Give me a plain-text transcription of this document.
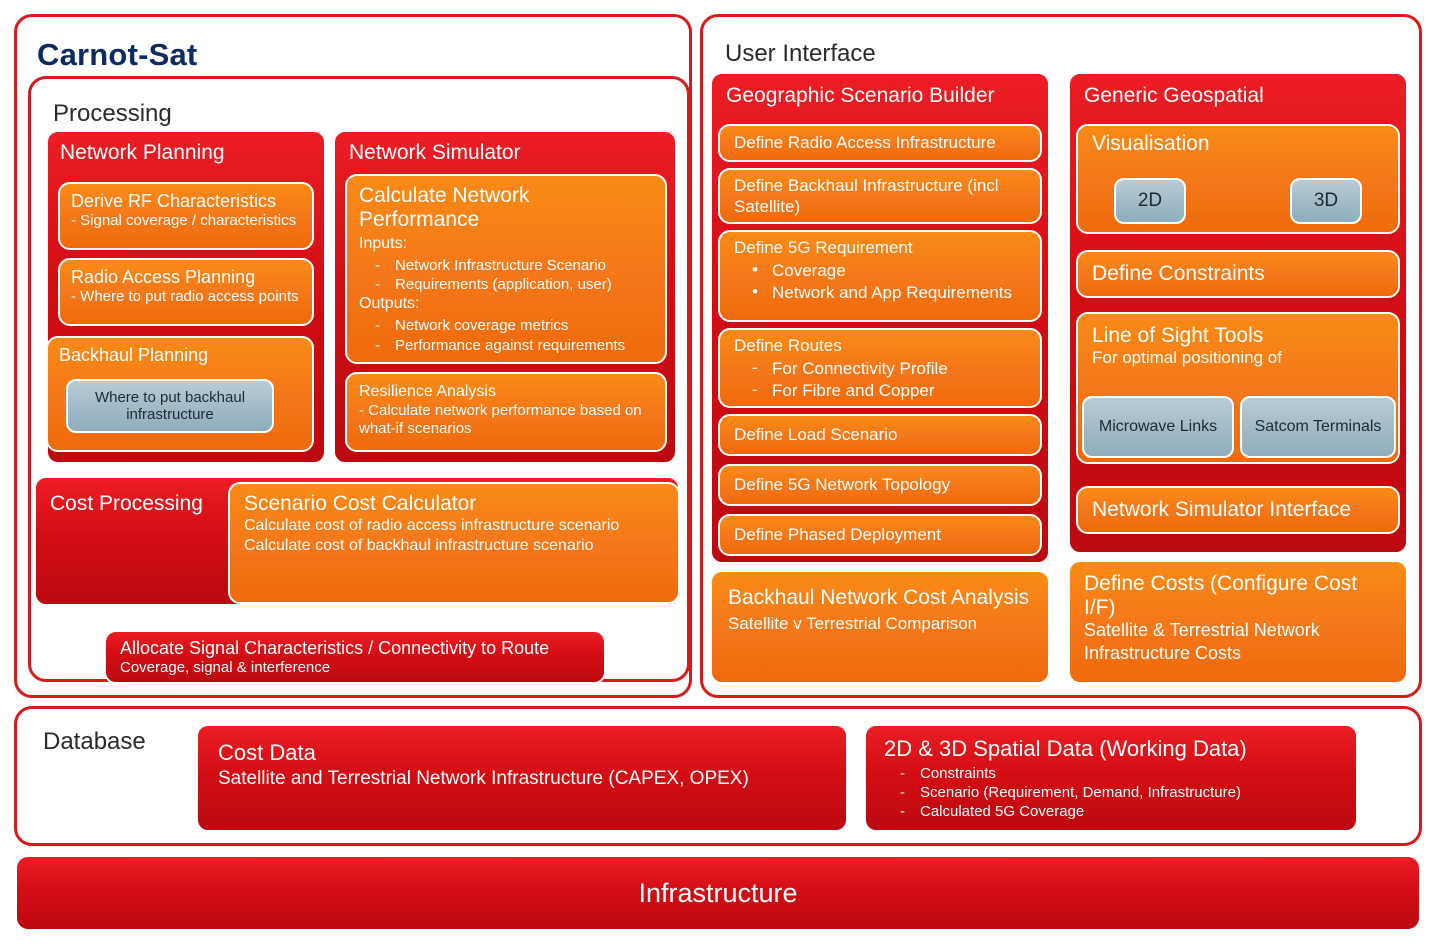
Carnot-Sat
Processing
Network Planning
Derive RF Characteristics
- Signal coverage / characteristics
Radio Access Planning
- Where to put radio access points
Backhaul Planning
Where to put backhaul infrastructure
Network Simulator
Calculate Network Performance
Inputs:
- Network Infrastructure Scenario
- Requirements (application, user)
Outputs:
- Network coverage metrics
- Performance against requirements
Resilience Analysis
- Calculate network performance based on what-if scenarios
Cost Processing	Scenario Cost Calculator
Calculate cost of radio access infrastructure scenario
Calculate cost of backhaul infrastructure scenario
Allocate Signal Characteristics / Connectivity to Route
Coverage, signal & interference
User Interface
Geographic Scenario Builder
Define Radio Access Infrastructure
Define Backhaul Infrastructure (incl Satellite)
Define 5G Requirement
• Coverage
• Network and App Requirements
Define Routes
- For Connectivity Profile
- For Fibre and Copper
Define Load Scenario
Define 5G Network Topology
Define Phased Deployment
Backhaul Network Cost Analysis
Satellite v Terrestrial Comparison
Generic Geospatial
Visualisation
2D	3D
Define Constraints
Line of Sight Tools
For optimal positioning of
Microwave Links	Satcom Terminals
Network Simulator Interface
Define Costs (Configure Cost I/F)
Satellite & Terrestrial Network Infrastructure Costs
Database	Cost Data
Satellite and Terrestrial Network Infrastructure (CAPEX, OPEX)
2D & 3D Spatial Data (Working Data)
- Constraints
- Scenario (Requirement, Demand, Infrastructure)
- Calculated 5G Coverage
Infrastructure
